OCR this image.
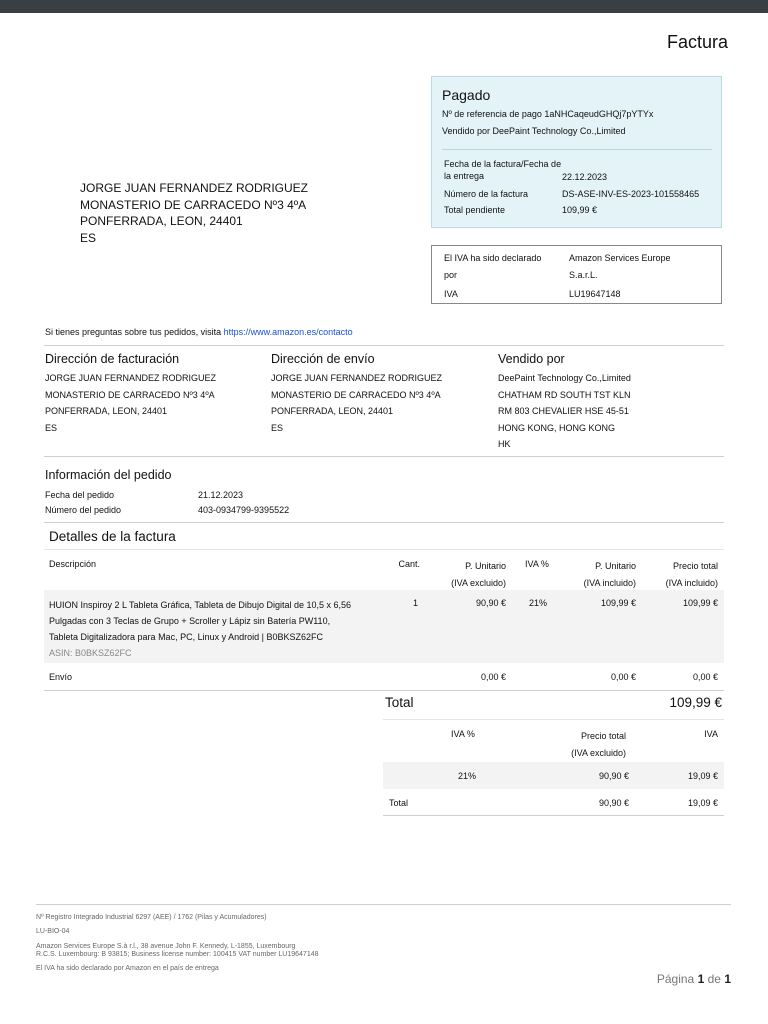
Factura
Pagado
Nº de referencia de pago 1aNHCaqeudGHQj7pYTYx
Vendido por DeePaint Technology Co.,Limited
Fecha de la factura/Fecha de la entrega	22.12.2023
Número de la factura	DS-ASE-INV-ES-2023-101558465
Total pendiente	109,99 €
JORGE JUAN FERNANDEZ RODRIGUEZ
MONASTERIO DE CARRACEDO Nº3 4ºA
PONFERRADA, LEON, 24401
ES
El IVA ha sido declarado por
Amazon Services Europe S.a.r.L.
IVA	LU19647148
Si tienes preguntas sobre tus pedidos, visita https://www.amazon.es/contacto
Dirección de facturación
JORGE JUAN FERNANDEZ RODRIGUEZ
MONASTERIO DE CARRACEDO Nº3 4ºA
PONFERRADA, LEON, 24401
ES
Dirección de envío
JORGE JUAN FERNANDEZ RODRIGUEZ
MONASTERIO DE CARRACEDO Nº3 4ºA
PONFERRADA, LEON, 24401
ES
Vendido por
DeePaint Technology Co.,Limited
CHATHAM RD SOUTH TST KLN
RM 803 CHEVALIER HSE 45-51
HONG KONG, HONG KONG
HK
Información del pedido
Fecha del pedido	21.12.2023
Número del pedido	403-0934799-9395522
Detalles de la factura
Descripción	Cant.	P. Unitario
(IVA excluido)
IVA %	P. Unitario
(IVA incluido)
Precio total
(IVA incluido)
HUION Inspiroy 2 L Tableta Gráfica, Tableta de Dibujo Digital de 10,5 x 6,56
Pulgadas con 3 Teclas de Grupo + Scroller y Lápiz sin Batería PW110,
Tableta Digitalizadora para Mac, PC, Linux y Android | B0BKSZ62FC
ASIN: B0BKSZ62FC
1	90,90 €	21%	109,99 €	109,99 €
Envío	0,00 €	0,00 €	0,00 €
Total	109,99 €
IVA %	Precio total
(IVA excluido)
IVA
21%	90,90 €	19,09 €
Total	90,90 €	19,09 €
Nº Registro Integrado Industrial 6297 (AEE) / 1762 (Pilas y Acumuladores)
LU-BIO-04
Amazon Services Europe S.à r.l., 38 avenue John F. Kennedy, L-1855, Luxembourg
R.C.S. Luxembourg: B 93815; Business license number: 100415 VAT number LU19647148
El IVA ha sido declarado por Amazon en el país de entrega
Página 1 de 1
